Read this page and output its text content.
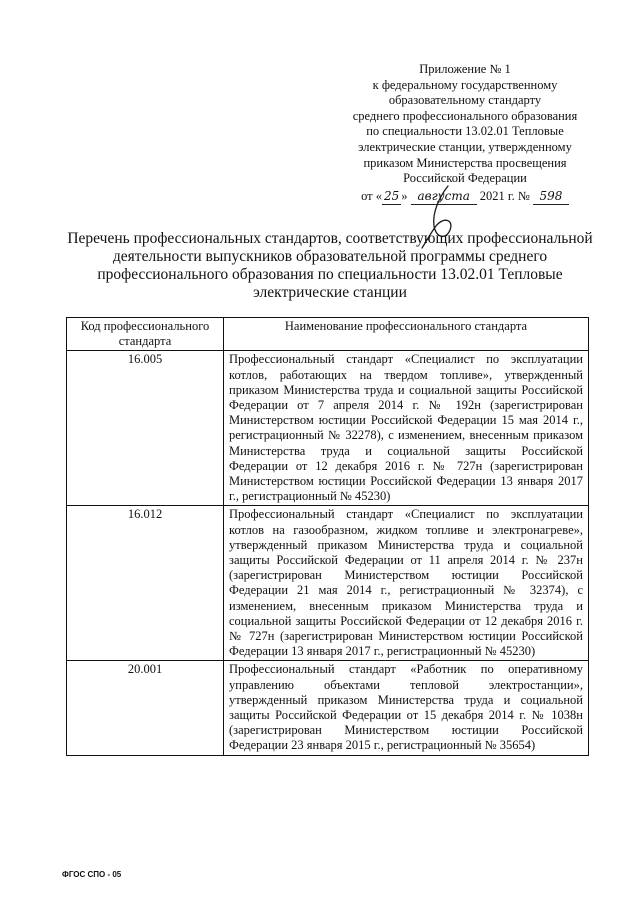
Приложение № 1
к федеральному государственному
образовательному стандарту
среднего профессионального образования
по специальности 13.02.01 Тепловые
электрические станции, утвержденному
приказом Министерства просвещения
Российской Федерации
от « 25 » августа 2021 г. № 598
Перечень профессиональных стандартов, соответствующих профессиональной
деятельности выпускников образовательной программы среднего
профессионального образования по специальности 13.02.01 Тепловые
электрические станции
Код профессионального стандарта	Наименование профессионального стандарта
16.005	Профессиональный стандарт «Специалист по эксплуатации котлов, работающих на твердом топливе», утвержденный приказом Министерства труда и социальной защиты Российской Федерации от 7 апреля 2014 г. № 192н (зарегистрирован Министерством юстиции Российской Федерации 15 мая 2014 г., регистрационный № 32278), с изменением, внесенным приказом Министерства труда и социальной защиты Российской Федерации от 12 декабря 2016 г. № 727н (зарегистрирован Министерством юстиции Российской Федерации 13 января 2017 г., регистрационный № 45230)
16.012	Профессиональный стандарт «Специалист по эксплуатации котлов на газообразном, жидком топливе и электронагреве», утвержденный приказом Министерства труда и социальной защиты Российской Федерации от 11 апреля 2014 г. № 237н (зарегистрирован Министерством юстиции Российской Федерации 21 мая 2014 г., регистрационный № 32374), с изменением, внесенным приказом Министерства труда и социальной защиты Российской Федерации от 12 декабря 2016 г. № 727н (зарегистрирован Министерством юстиции Российской Федерации 13 января 2017 г., регистрационный № 45230)
20.001	Профессиональный стандарт «Работник по оперативному управлению объектами тепловой электростанции», утвержденный приказом Министерства труда и социальной защиты Российской Федерации от 15 декабря 2014 г. № 1038н (зарегистрирован Министерством юстиции Российской Федерации 23 января 2015 г., регистрационный № 35654)
ФГОС СПО - 05
